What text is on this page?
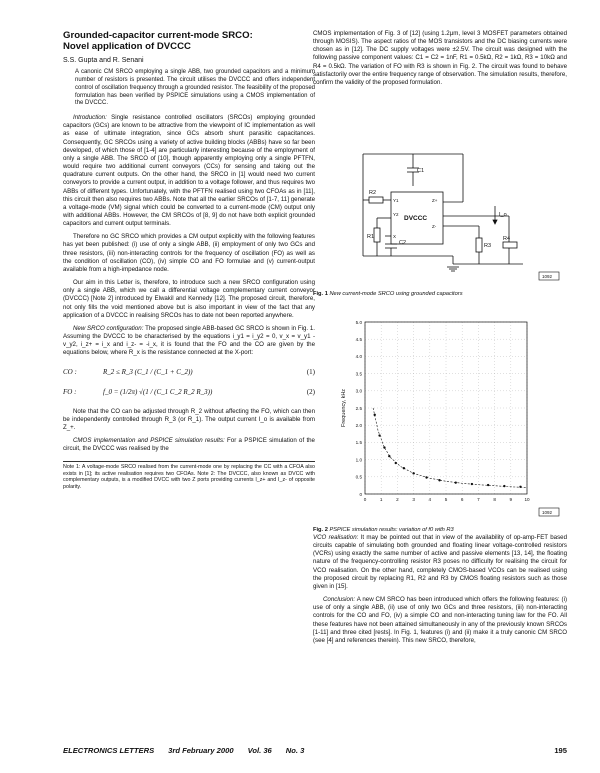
Grounded-capacitor current-mode SRCO:
Novel application of DVCCC
S.S. Gupta and R. Senani

A canonic CM SRCO employing a single ABB, two grounded capacitors and a minimum number of resistors is presented. The circuit utilises the DVCCC and offers independent control of oscillation frequency through a grounded resistor. The feasibility of the proposed formulation has been verified by PSPICE simulations using a CMOS implementation of the DVCCC.

Introduction: Single resistance controlled oscillators (SRCOs) employing grounded capacitors (GCs) are known to be attractive from the viewpoint of IC implementation as well as ease of ultimate integration, since GCs absorb shunt parasitic capacitances. Consequently, GC SRCOs using a variety of active building blocks (ABBs) have so far been developed, of which those of [1-4] are particularly interesting because of the employment of only a single ABB. The SRCO of [10], though apparently employing only a single PFTFN, would require two additional current conveyors (CCs) for sensing and taking out the quadrature current outputs. On the other hand, the SRCO in [1] would need two current conveyors to provide a current output, in addition to a voltage follower, and thus requires two ABBs of different types. Unfortunately, with the PFTFN realised using two CFOAs as in [11], this circuit then also requires two ABBs. Note that all the earlier SRCOs of [1-7, 11] generate a voltage-mode (VM) signal which could be converted to a current-mode (CM) output only with additional ABBs. However, the CM SRCOs of [8, 9] do not have both explicit grounded capacitors and current output terminals.

Therefore no GC SRCO which provides a CM output explicitly with the following features has yet been published: (i) use of only a single ABB, (ii) employment of only two GCs and three resistors, (iii) non-interacting controls for the frequency of oscillation (FO) as well as the condition of oscillation (CO), (iv) simple CO and FO formulae and (v) current-output available from a high-impedance node.

Our aim in this Letter is, therefore, to introduce such a new SRCO configuration using only a single ABB, which we call a differential voltage complementary current conveyor (DVCCC) [Note 2] introduced by Elwakil and Kennedy [12]. The proposed circuit, therefore, not only fills the void mentioned above but is also important in view of the fact that any application of a DVCCC in realising SRCOs has to date not been reported anywhere.

New SRCO configuration: The proposed single ABB-based GC SRCO is shown in Fig. 1. Assuming the DVCCC to be characterised by the equations i_y1 = i_y2 = 0, v_x = v_y1 - v_y2, i_z+ = i_x and i_z- = -i_x, it is found that the FO and the CO are given by the equations below, where R_x is the resistance connected at the X-port:

CO :	R_2 ≤ R_3 (C_1 / (C_1 + C_2))	(1)
FO :	f_0 = (1/2π) √(1 / (C_1 C_2 R_2 R_3))	(2)

Note that the CO can be adjusted through R_2 without affecting the FO, which can then be independently controlled through R_3 (or R_1). The output current I_o is available from Z_+.

CMOS implementation and PSPICE simulation results: For a PSPICE simulation of the circuit, the DVCCC was realised by the

Note 1: A voltage-mode SRCO realised from the current-mode one by replacing the CC with a CFOA also exists in [1]; its active realisation requires two CFOAs. Note 2: The DVCCC, also known as DVCC with complementary outputs, is a modified DVCC with two Z ports providing currents I_z+ and I_z- of opposite polarity.

CMOS implementation of Fig. 3 of [12] (using 1.2μm, level 3 MOSFET parameters obtained through MOSIS). The aspect ratios of the MOS transistors and the DC biasing currents were chosen as in [12]. The DC supply voltages were ±2.5V. The circuit was designed with the following passive component values: C1 = C2 = 1nF, R1 = 0.5kΩ, R2 = 1kΩ, R3 = 10kΩ and R4 = 0.5kΩ. The variation of FO with R3 is shown in Fig. 2. The circuit was found to behave satisfactorily over the entire frequency range of observation. The simulation results, therefore, confirm the validity of the proposed formulation.

C1
R2
R1
C2	R3
R4
DVCCC
Y1
Y2
X
Z+
Z-
I_o
1092

Fig. 1 New current-mode SRCO using grounded capacitors

0
0.5
1.0
1.5
2.0
2.5
3.0
3.5
4.0
4.5
5.0
0	1	2	3	4	5	6	7	8	9	10
Frequency, kHz
1092

Fig. 2 PSPICE simulation results: variation of f0 with R3

VCO realisation: It may be pointed out that in view of the availability of op-amp-FET based circuits capable of simulating both grounded and floating linear voltage-controlled resistors (VCRs) using exactly the same number of active and passive elements [13, 14], the floating nature of the frequency-controlling resistor R3 poses no difficulty for realising the circuit for VCO realisation. On the other hand, completely CMOS-based VCOs can be realised using the proposed circuit by replacing R1, R2 and R3 by CMOS floating resistors such as those given in [15].

Conclusion: A new CM SRCO has been introduced which offers the following features: (i) use of only a single ABB, (ii) use of only two GCs and three resistors, (iii) non-interacting controls for the CO and FO, (iv) a simple CO and non-interacting tuning law for the FO. All these features have not been attained simultaneously in any of the previously known SRCOs [1-11] and three cited [rests]. In Fig. 1, features (i) and (ii) make it a truly canonic CM SRCO (see [4] and references therein). This new SRCO, therefore,

ELECTRONICS LETTERS 3rd February 2000 Vol. 36 No. 3	195
